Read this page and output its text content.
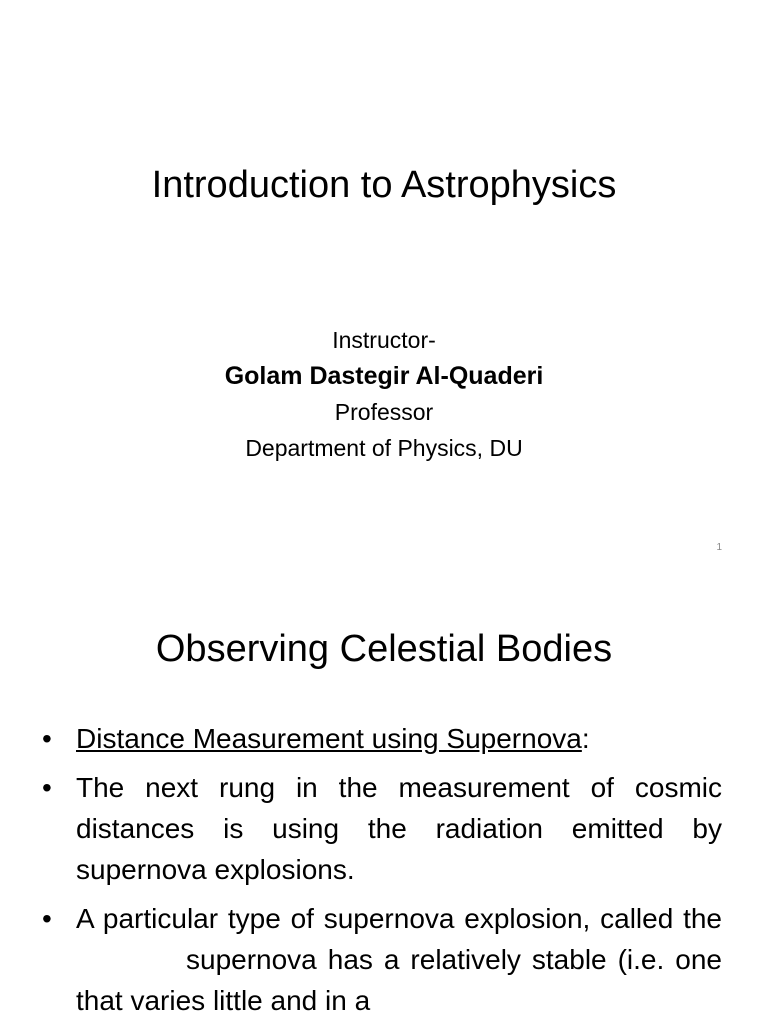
Introduction to Astrophysics
Instructor-
Golam Dastegir Al-Quaderi
Professor
Department of Physics, DU
1
Observing Celestial Bodies
• Distance Measurement using Supernova:
• The next rung in the measurement of cosmic distances is using the radiation emitted by supernova explosions.
• A particular type of supernova explosion, called thesupernova has a relatively stable (i.e. one that varies little and in a
